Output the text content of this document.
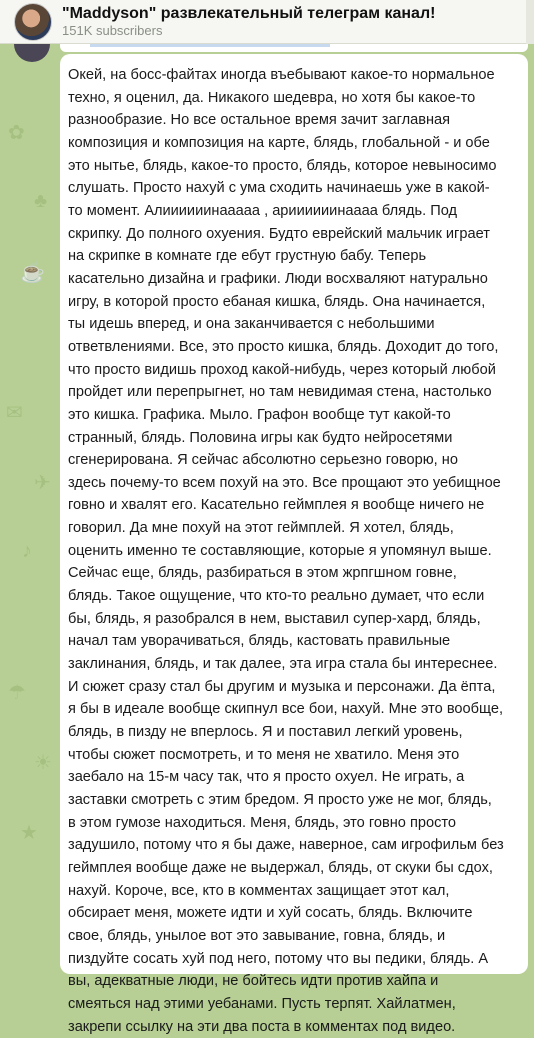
✿
☕
✉
♪
☂
★
♣
✈
☀
"Maddyson" развлекательный телеграм канал!
151K subscribers

Окей, на босс-файтах иногда въебывают какое-то нормальное
техно, я оценил, да. Никакого шедевра, но хотя бы какое-то
разнообразие. Но все остальное время зачит заглавная
композиция и композиция на карте, блядь, глобальной - и обе
это нытье, блядь, какое-то просто, блядь, которое невыносимо
слушать. Просто нахуй с ума сходить начинаешь уже в какой-
то момент. Алиииииинааааа , ариииииинаааа блядь. Под
скрипку. До полного охуения. Будто еврейский мальчик играет
на скрипке в комнате где ебут грустную бабу. Теперь
касательно дизайна и графики. Люди восхваляют натурально
игру, в которой просто ебаная кишка, блядь. Она начинается,
ты идешь вперед, и она заканчивается с небольшими
ответвлениями. Все, это просто кишка, блядь. Доходит до того,
что просто видишь проход какой-нибудь, через который любой
пройдет или перепрыгнет, но там невидимая стена, настолько
это кишка. Графика. Мыло. Графон вообще тут какой-то
странный, блядь. Половина игры как будто нейросетями
сгенерирована. Я сейчас абсолютно серьезно говорю, но
здесь почему-то всем похуй на это. Все прощают это уебищное
говно и хвалят его. Касательно геймплея я вообще ничего не
говорил. Да мне похуй на этот геймплей. Я хотел, блядь,
оценить именно те составляющие, которые я упомянул выше.
Сейчас еще, блядь, разбираться в этом жрпгшном говне,
блядь. Такое ощущение, что кто-то реально думает, что если
бы, блядь, я разобрался в нем, выставил супер-хард, блядь,
начал там уворачиваться, блядь, кастовать правильные
заклинания, блядь, и так далее, эта игра стала бы интереснее.
И сюжет сразу стал бы другим и музыка и персонажи. Да ёпта,
я бы в идеале вообще скипнул все бои, нахуй. Мне это вообще,
блядь, в пизду не вперлось. Я и поставил легкий уровень,
чтобы сюжет посмотреть, и то меня не хватило. Меня это
заебало на 15-м часу так, что я просто охуел. Не играть, а
заставки смотреть с этим бредом. Я просто уже не мог, блядь,
в этом гумозе находиться. Меня, блядь, это говно просто
задушило, потому что я бы даже, наверное, сам игрофильм без
геймплея вообще даже не выдержал, блядь, от скуки бы сдох,
нахуй. Короче, все, кто в комментах защищает этот кал,
обсирает меня, можете идти и хуй сосать, блядь. Включите
свое, блядь, унылое вот это завывание, говна, блядь, и
пиздуйте сосать хуй под него, потому что вы педики, блядь. А
вы, адекватные люди, не бойтесь идти против хайпа и
смеяться над этими уебанами. Пусть терпят. Хайлатмен,
закрепи ссылку на эти два поста в комментах под видео.
